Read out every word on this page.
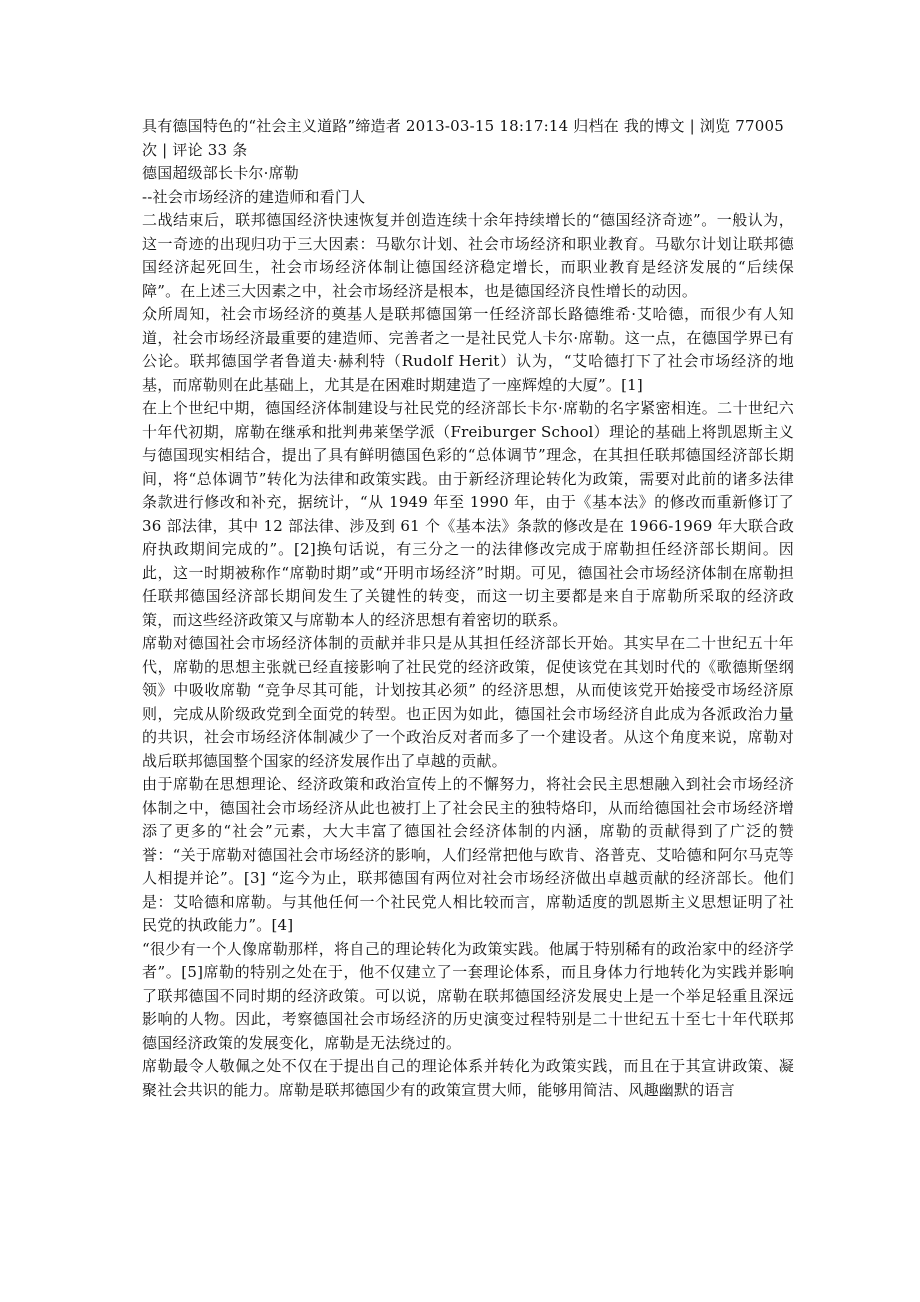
具有德国特色的“社会主义道路”缔造者 2013-03-15 18:17:14 归档在 我的博文 | 浏览 77005 次 | 评论 33 条

德国超级部长卡尔·席勒

--社会市场经济的建造师和看门人

二战结束后，联邦德国经济快速恢复并创造连续十余年持续增长的“德国经济奇迹”。一般认为，这一奇迹的出现归功于三大因素：马歇尔计划、社会市场经济和职业教育。马歇尔计划让联邦德国经济起死回生，社会市场经济体制让德国经济稳定增长，而职业教育是经济发展的“后续保障”。在上述三大因素之中，社会市场经济是根本，也是德国经济良性增长的动因。

众所周知，社会市场经济的奠基人是联邦德国第一任经济部长路德维希·艾哈德，而很少有人知道，社会市场经济最重要的建造师、完善者之一是社民党人卡尔·席勒。这一点，在德国学界已有公论。联邦德国学者鲁道夫·赫利特（Rudolf Herit）认为，“艾哈德打下了社会市场经济的地基，而席勒则在此基础上，尤其是在困难时期建造了一座辉煌的大厦”。[1]

在上个世纪中期，德国经济体制建设与社民党的经济部长卡尔·席勒的名字紧密相连。二十世纪六十年代初期，席勒在继承和批判弗莱堡学派（Freiburger School）理论的基础上将凯恩斯主义与德国现实相结合，提出了具有鲜明德国色彩的“总体调节”理念，在其担任联邦德国经济部长期间，将“总体调节”转化为法律和政策实践。由于新经济理论转化为政策，需要对此前的诸多法律条款进行修改和补充，据统计，“从 1949 年至 1990 年，由于《基本法》的修改而重新修订了 36 部法律，其中 12 部法律、涉及到 61 个《基本法》条款的修改是在 1966-1969 年大联合政府执政期间完成的”。[2]换句话说，有三分之一的法律修改完成于席勒担任经济部长期间。因此，这一时期被称作“席勒时期”或“开明市场经济”时期。可见，德国社会市场经济体制在席勒担任联邦德国经济部长期间发生了关键性的转变，而这一切主要都是来自于席勒所采取的经济政策，而这些经济政策又与席勒本人的经济思想有着密切的联系。

席勒对德国社会市场经济体制的贡献并非只是从其担任经济部长开始。其实早在二十世纪五十年代，席勒的思想主张就已经直接影响了社民党的经济政策，促使该党在其划时代的《歌德斯堡纲领》中吸收席勒 “竞争尽其可能，计划按其必须” 的经济思想，从而使该党开始接受市场经济原则，完成从阶级政党到全面党的转型。也正因为如此，德国社会市场经济自此成为各派政治力量的共识，社会市场经济体制减少了一个政治反对者而多了一个建设者。从这个角度来说，席勒对战后联邦德国整个国家的经济发展作出了卓越的贡献。

由于席勒在思想理论、经济政策和政治宣传上的不懈努力，将社会民主思想融入到社会市场经济体制之中，德国社会市场经济从此也被打上了社会民主的独特烙印，从而给德国社会市场经济增添了更多的“社会”元素，大大丰富了德国社会经济体制的内涵，席勒的贡献得到了广泛的赞誉：“关于席勒对德国社会市场经济的影响，人们经常把他与欧肯、洛普克、艾哈德和阿尔马克等人相提并论”。[3] “迄今为止，联邦德国有两位对社会市场经济做出卓越贡献的经济部长。他们是：艾哈德和席勒。与其他任何一个社民党人相比较而言，席勒适度的凯恩斯主义思想证明了社民党的执政能力”。[4]

“很少有一个人像席勒那样，将自己的理论转化为政策实践。他属于特别稀有的政治家中的经济学者”。[5]席勒的特别之处在于，他不仅建立了一套理论体系，而且身体力行地转化为实践并影响了联邦德国不同时期的经济政策。可以说，席勒在联邦德国经济发展史上是一个举足轻重且深远影响的人物。因此，考察德国社会市场经济的历史演变过程特别是二十世纪五十至七十年代联邦德国经济政策的发展变化，席勒是无法绕过的。

席勒最令人敬佩之处不仅在于提出自己的理论体系并转化为政策实践，而且在于其宣讲政策、凝聚社会共识的能力。席勒是联邦德国少有的政策宣贯大师，能够用简洁、风趣幽默的语言
